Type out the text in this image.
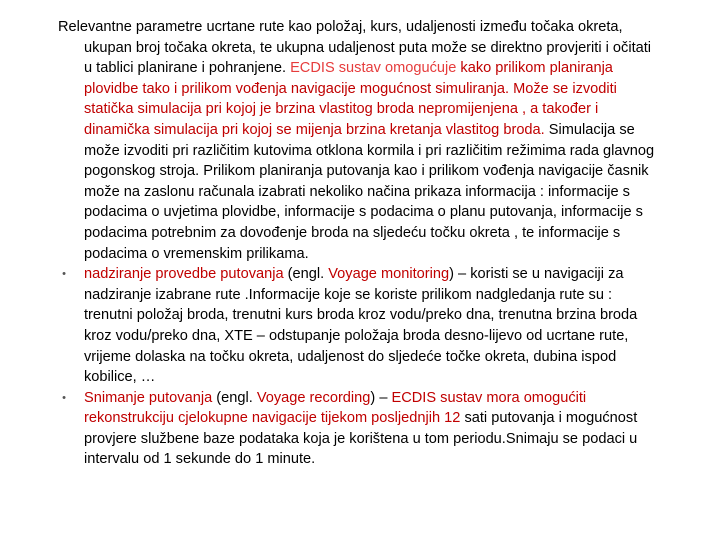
Relevantne parametre ucrtane rute kao položaj, kurs, udaljenosti između točaka okreta, ukupan broj točaka okreta, te ukupna udaljenost puta može se direktno provjeriti i očitati u tablici planirane i pohranjene. ECDIS sustav omogućuje kako prilikom planiranja plovidbe tako i prilikom vođenja navigacije mogućnost simuliranja. Može se izvoditi statička simulacija pri kojoj je brzina vlastitog broda nepromijenjena , a također i dinamička simulacija pri kojoj se mijenja brzina kretanja vlastitog broda. Simulacija se može izvoditi pri različitim kutovima otklona kormila i pri različitim režimima rada glavnog pogonskog stroja. Prilikom planiranja putovanja kao i prilikom vođenja navigacije časnik može na zaslonu računala izabrati nekoliko načina prikaza informacija : informacije s podacima o uvjetima plovidbe, informacije s podacima o planu putovanja, informacije s podacima potrebnim za dovođenje broda na sljedeću točku okreta , te informacije s podacima o vremenskim prilikama.

• nadziranje provedbe putovanja (engl. Voyage monitoring) – koristi se u navigaciji za nadziranje izabrane rute .Informacije koje se koriste prilikom nadgledanja rute su : trenutni položaj broda, trenutni kurs broda kroz vodu/preko dna, trenutna brzina broda kroz vodu/preko dna, XTE – odstupanje položaja broda desno-lijevo od ucrtane rute, vrijeme dolaska na točku okreta, udaljenost do sljedeće točke okreta, dubina ispod kobilice, …
• Snimanje putovanja (engl. Voyage recording) – ECDIS sustav mora omogućiti rekonstrukciju cjelokupne navigacije tijekom posljednjih 12 sati putovanja i mogućnost provjere službene baze podataka koja je korištena u tom periodu.Snimaju se podaci u intervalu od 1 sekunde do 1 minute.
